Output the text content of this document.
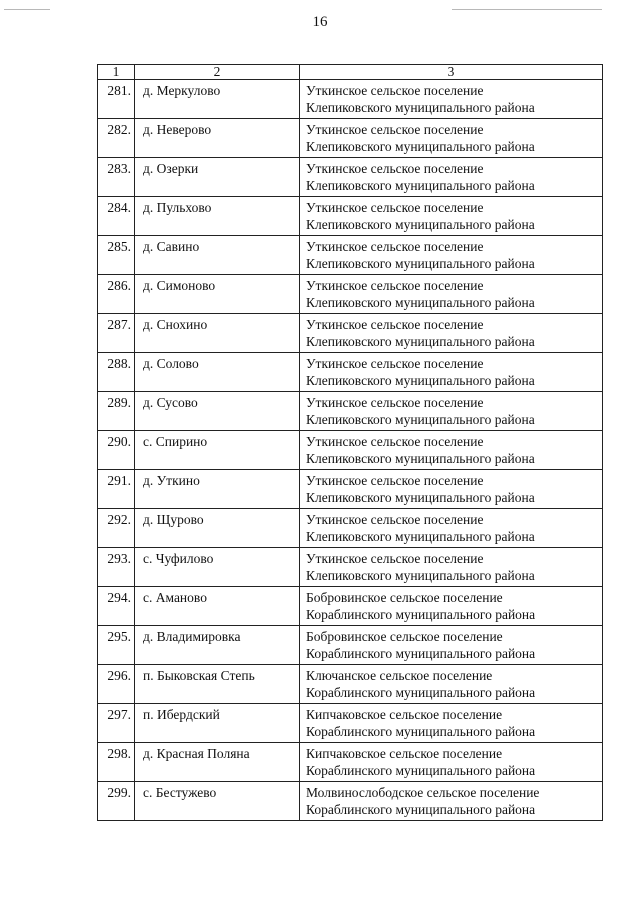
16
1	2	3
281.	д. Меркулово	Уткинское сельское поселение
Клепиковского муниципального района

282.	д. Неверово	Уткинское сельское поселение
Клепиковского муниципального района

283.	д. Озерки	Уткинское сельское поселение
Клепиковского муниципального района

284.	д. Пульхово	Уткинское сельское поселение
Клепиковского муниципального района

285.	д. Савино	Уткинское сельское поселение
Клепиковского муниципального района

286.	д. Симоново	Уткинское сельское поселение
Клепиковского муниципального района

287.	д. Снохино	Уткинское сельское поселение
Клепиковского муниципального района

288.	д. Солово	Уткинское сельское поселение
Клепиковского муниципального района

289.	д. Сусово	Уткинское сельское поселение
Клепиковского муниципального района

290.	с. Спирино	Уткинское сельское поселение
Клепиковского муниципального района

291.	д. Уткино	Уткинское сельское поселение
Клепиковского муниципального района

292.	д. Щурово	Уткинское сельское поселение
Клепиковского муниципального района

293.	с. Чуфилово	Уткинское сельское поселение
Клепиковского муниципального района

294.	с. Аманово	Бобровинское сельское поселение
Кораблинского муниципального района

295.	д. Владимировка	Бобровинское сельское поселение
Кораблинского муниципального района

296.	п. Быковская Степь	Ключанское сельское поселение
Кораблинского муниципального района

297.	п. Ибердский	Кипчаковское сельское поселение
Кораблинского муниципального района

298.	д. Красная Поляна	Кипчаковское сельское поселение
Кораблинского муниципального района

299.	с. Бестужево	Молвинослободское сельское поселение
Кораблинского муниципального района
